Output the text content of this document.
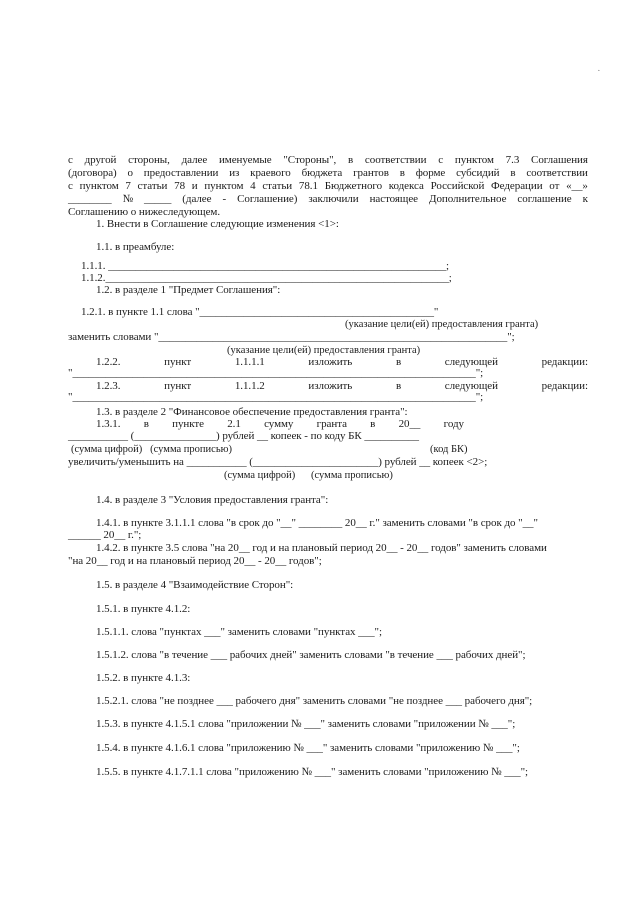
.
с другой стороны, далее именуемые "Стороны", в соответствии с пунктом 7.3 Соглашения
(договора) о предоставлении из краевого бюджета грантов в форме субсидий в соответствии
с пунктом 7 статьи 78 и пунктом 4 статьи 78.1 Бюджетного кодекса Российской Федерации от «__»
________ № _____ (далее - Соглашение) заключили настоящее Дополнительное соглашение к
Соглашению о нижеследующем.
1. Внести в Соглашение следующие изменения <1>:
1.1. в преамбуле:
1.1.1. ______________________________________________________________;
1.1.2._______________________________________________________________;
1.2. в разделе 1 "Предмет Соглашения":
1.2.1. в пункте 1.1 слова "___________________________________________"
(указание цели(ей) предоставления гранта)
заменить словами "________________________________________________________________";
(указание цели(ей) предоставления гранта)
1.2.2.	пункт	1.1.1.1	изложить	в	следующей	редакции:
"__________________________________________________________________________";
1.2.3.	пункт	1.1.1.2	изложить	в	следующей	редакции:
"__________________________________________________________________________";
1.3. в разделе 2 "Финансовое обеспечение предоставления гранта":
1.3.1. в пункте 2.1 сумму гранта в 20__ году
___________ (_______________) рублей __ копеек - по коду БК __________
(сумма цифрой)   (сумма прописью)	(код БК)
увеличить/уменьшить на ___________ (_______________________) рублей __ копеек <2>;
(сумма цифрой)      (сумма прописью)
1.4. в разделе 3 "Условия предоставления гранта":
1.4.1. в пункте 3.1.1.1 слова "в срок до "__" ________ 20__ г." заменить словами "в срок до "__"
______ 20__ г.";
1.4.2. в пункте 3.5 слова "на 20__ год и на плановый период 20__ - 20__ годов" заменить словами
"на 20__ год и на плановый период 20__ - 20__ годов";
1.5. в разделе 4 "Взаимодействие Сторон":
1.5.1. в пункте 4.1.2:
1.5.1.1. слова "пунктах ___" заменить словами "пунктах ___";
1.5.1.2. слова "в течение ___ рабочих дней" заменить словами "в течение ___ рабочих дней";
1.5.2. в пункте 4.1.3:
1.5.2.1. слова "не позднее ___ рабочего дня" заменить словами "не позднее ___ рабочего дня";
1.5.3. в пункте 4.1.5.1 слова "приложении № ___" заменить словами "приложении № ___";
1.5.4. в пункте 4.1.6.1 слова "приложению № ___" заменить словами "приложению № ___";
1.5.5. в пункте 4.1.7.1.1 слова "приложению № ___" заменить словами "приложению № ___";
